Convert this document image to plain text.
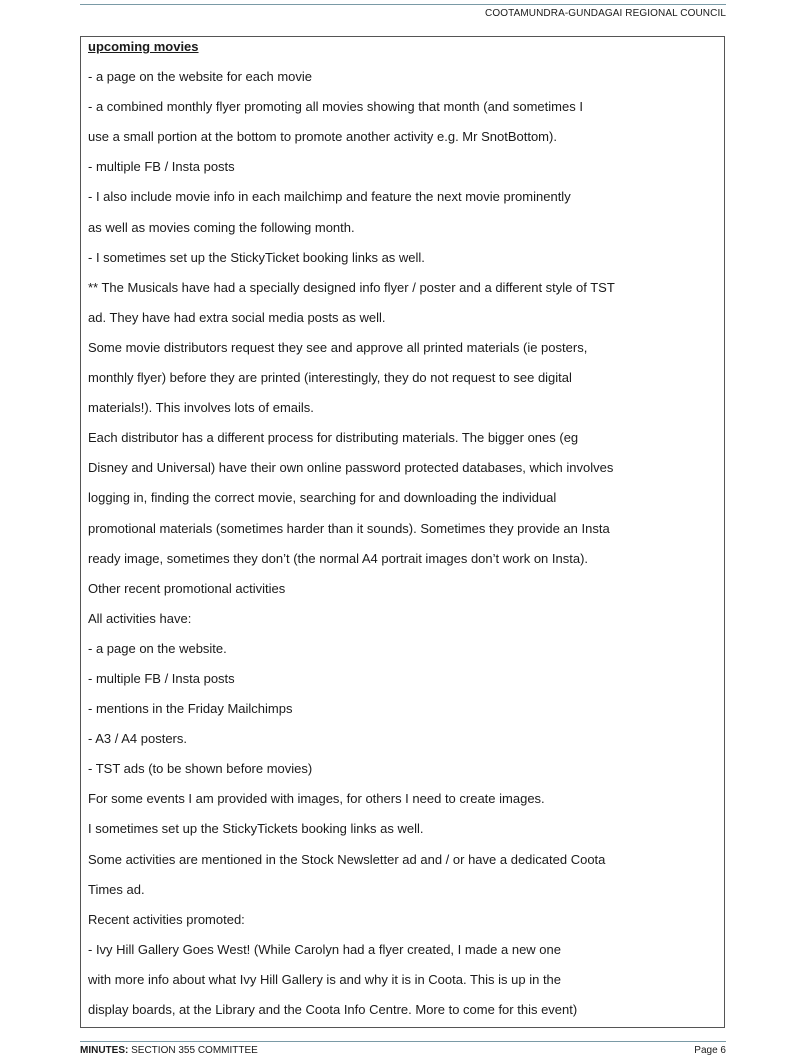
COOTAMUNDRA-GUNDAGAI REGIONAL COUNCIL
upcoming movies
- a page on the website for each movie
- a combined monthly flyer promoting all movies showing that month (and sometimes I
use a small portion at the bottom to promote another activity e.g. Mr SnotBottom).
- multiple FB / Insta posts
- I also include movie info in each mailchimp and feature the next movie prominently
as well as movies coming the following month.
- I sometimes set up the StickyTicket booking links as well.
** The Musicals have had a specially designed info flyer / poster and a different style of TST
ad. They have had extra social media posts as well.
Some movie distributors request they see and approve all printed materials (ie posters,
monthly flyer) before they are printed (interestingly, they do not request to see digital
materials!). This involves lots of emails.
Each distributor has a different process for distributing materials. The bigger ones (eg
Disney and Universal) have their own online password protected databases, which involves
logging in, finding the correct movie, searching for and downloading the individual
promotional materials (sometimes harder than it sounds). Sometimes they provide an Insta
ready image, sometimes they don’t (the normal A4 portrait images don’t work on Insta).
Other recent promotional activities
All activities have:
- a page on the website.
- multiple FB / Insta posts
- mentions in the Friday Mailchimps
- A3 / A4 posters.
- TST ads (to be shown before movies)
For some events I am provided with images, for others I need to create images.
I sometimes set up the StickyTickets booking links as well.
Some activities are mentioned in the Stock Newsletter ad and / or have a dedicated Coota
Times ad.
Recent activities promoted:
- Ivy Hill Gallery Goes West! (While Carolyn had a flyer created, I made a new one
with more info about what Ivy Hill Gallery is and why it is in Coota. This is up in the
display boards, at the Library and the Coota Info Centre. More to come for this event)
MINUTES: SECTION 355 COMMITTEE	Page 6
